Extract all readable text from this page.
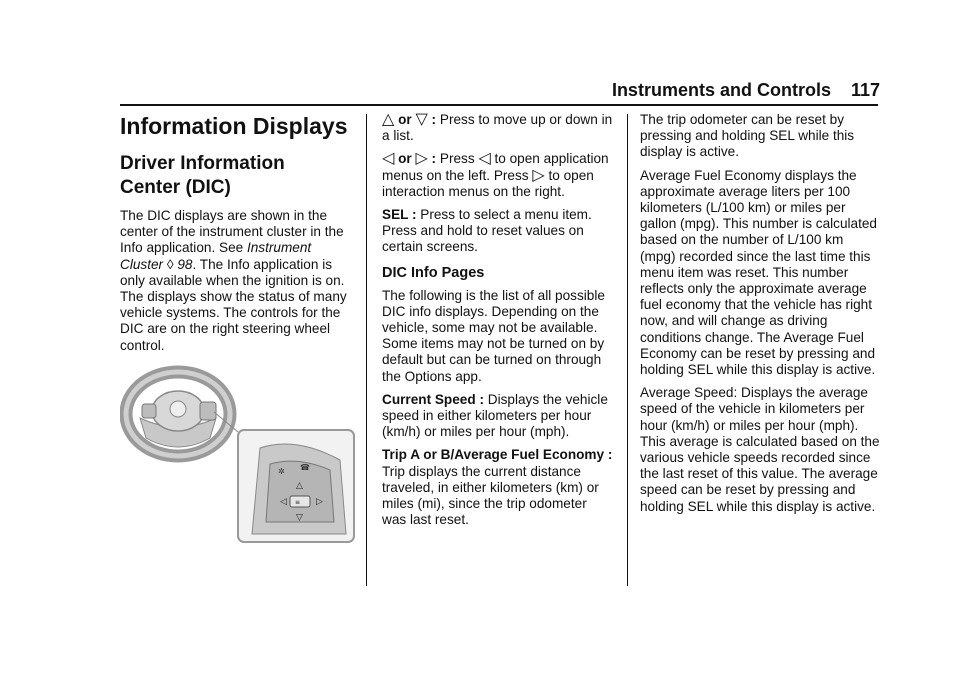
Instruments and Controls 117
Information Displays
Driver Information
Center (DIC)

The DIC displays are shown in the center of the instrument cluster in the Info application. See Instrument Cluster ◊ 98. The Info application is only available when the ignition is on. The displays show the status of many vehicle systems. The controls for the DIC are on the right steering wheel control.

✲ ☎
△
◁ ≡ ▷
▽

△ or ▽ : Press to move up or down in a list.

◁ or ▷ : Press ◁ to open application menus on the left. Press ▷ to open interaction menus on the right.

SEL : Press to select a menu item. Press and hold to reset values on certain screens.

DIC Info Pages

The following is the list of all possible DIC info displays. Depending on the vehicle, some may not be available. Some items may not be turned on by default but can be turned on through the Options app.

Current Speed : Displays the vehicle speed in either kilometers per hour (km/h) or miles per hour (mph).

Trip A or B/Average Fuel Economy : Trip displays the current distance traveled, in either kilometers (km) or miles (mi), since the trip odometer was last reset.

The trip odometer can be reset by pressing and holding SEL while this display is active.

Average Fuel Economy displays the approximate average liters per 100 kilometers (L/100 km) or miles per gallon (mpg). This number is calculated based on the number of L/100 km (mpg) recorded since the last time this menu item was reset. This number reflects only the approximate average fuel economy that the vehicle has right now, and will change as driving conditions change. The Average Fuel Economy can be reset by pressing and holding SEL while this display is active.

Average Speed: Displays the average speed of the vehicle in kilometers per hour (km/h) or miles per hour (mph). This average is calculated based on the various vehicle speeds recorded since the last reset of this value. The average speed can be reset by pressing and holding SEL while this display is active.
